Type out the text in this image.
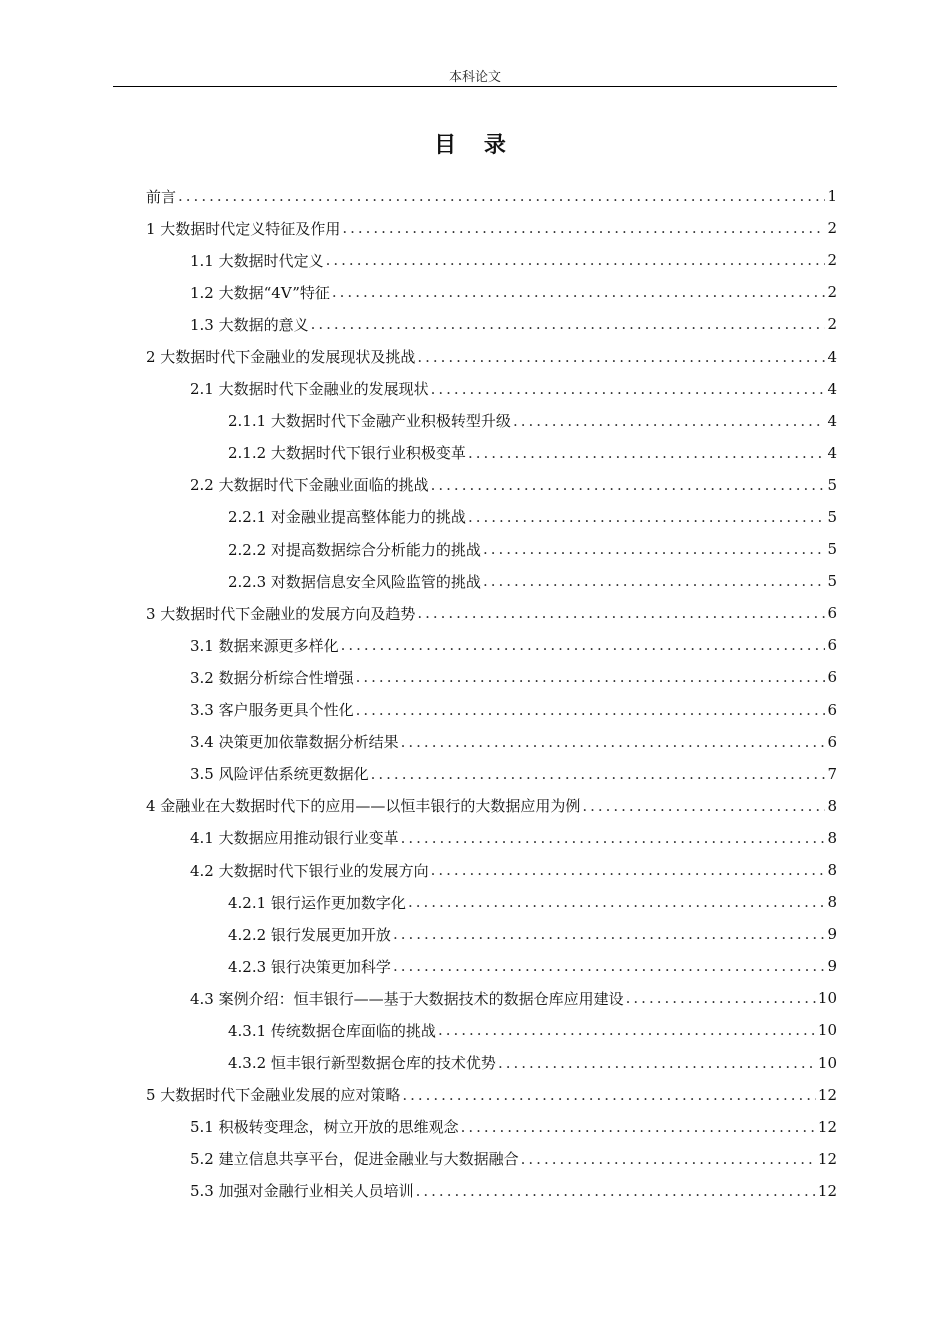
本科论文
目 录
前言 .....	1
1 大数据时代定义特征及作用 .....	2
1.1 大数据时代定义 .....	2
1.2 大数据“4V”特征 .....	2
1.3 大数据的意义 .....	2
2 大数据时代下金融业的发展现状及挑战 .....	4
2.1 大数据时代下金融业的发展现状 .....	4
2.1.1 大数据时代下金融产业积极转型升级 .....	4
2.1.2 大数据时代下银行业积极变革 .....	4
2.2 大数据时代下金融业面临的挑战 .....	5
2.2.1 对金融业提高整体能力的挑战 .....	5
2.2.2 对提高数据综合分析能力的挑战 .....	5
2.2.3 对数据信息安全风险监管的挑战 .....	5
3 大数据时代下金融业的发展方向及趋势 .....	6
3.1 数据来源更多样化 .....	6
3.2 数据分析综合性增强 .....	6
3.3 客户服务更具个性化 .....	6
3.4 决策更加依靠数据分析结果 .....	6
3.5 风险评估系统更数据化 .....	7
4 金融业在大数据时代下的应用——以恒丰银行的大数据应用为例 .....	8
4.1 大数据应用推动银行业变革 .....	8
4.2 大数据时代下银行业的发展方向 .....	8
4.2.1 银行运作更加数字化 .....	8
4.2.2 银行发展更加开放 .....	9
4.2.3 银行决策更加科学 .....	9
4.3 案例介绍：恒丰银行——基于大数据技术的数据仓库应用建设 .....	10
4.3.1 传统数据仓库面临的挑战 .....	10
4.3.2 恒丰银行新型数据仓库的技术优势 .....	10
5 大数据时代下金融业发展的应对策略 .....	12
5.1 积极转变理念，树立开放的思维观念 .....	12
5.2 建立信息共享平台，促进金融业与大数据融合 .....	12
5.3 加强对金融行业相关人员培训 .....	12
